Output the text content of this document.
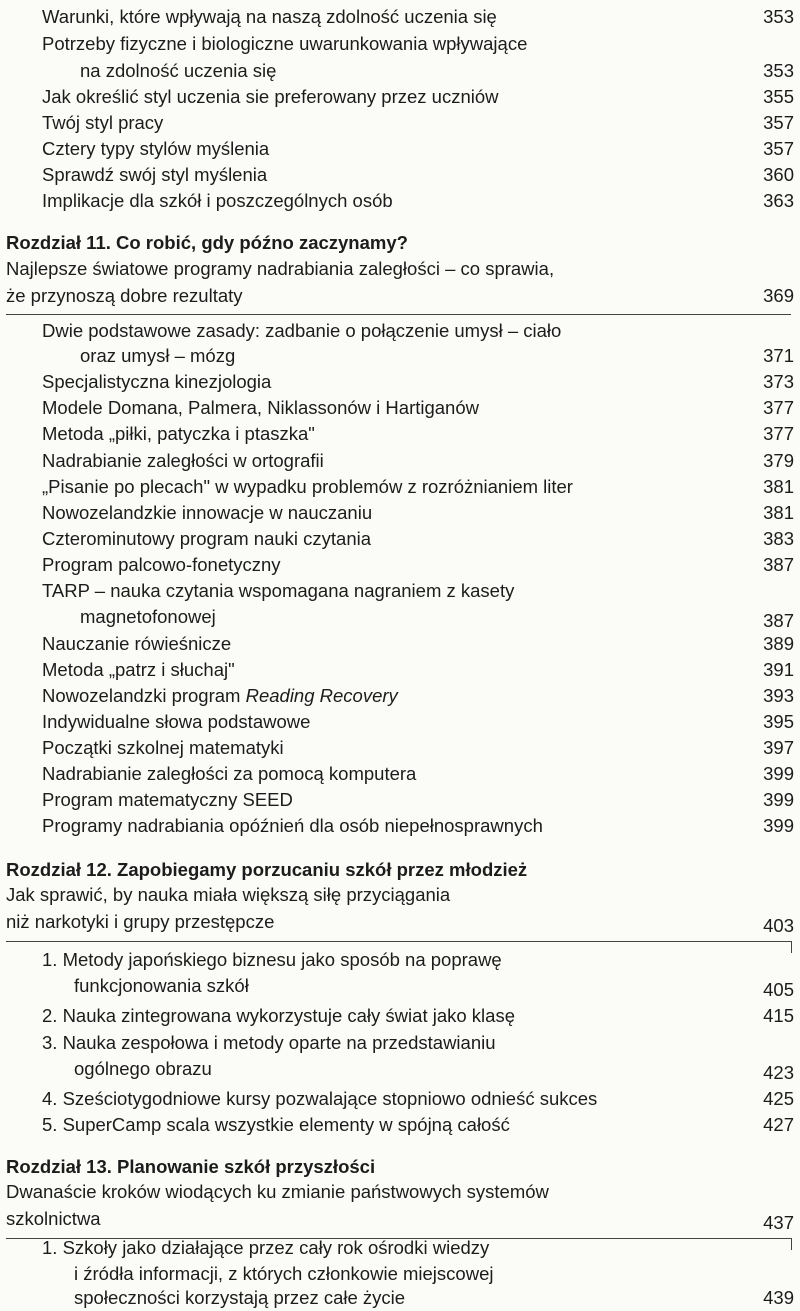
Warunki, które wpływają na naszą zdolność uczenia się	353
Potrzeby fizyczne i biologiczne uwarunkowania wpływające
na zdolność uczenia się	353
Jak określić styl uczenia sie preferowany przez uczniów	355
Twój styl pracy	357
Cztery typy stylów myślenia	357
Sprawdź swój styl myślenia	360
Implikacje dla szkół i poszczególnych osób	363
Rozdział 11. Co robić, gdy późno zaczynamy?
Najlepsze światowe programy nadrabiania zaległości – co sprawia,
że przynoszą dobre rezultaty	369
Dwie podstawowe zasady: zadbanie o połączenie umysł – ciało
oraz umysł – mózg	371
Specjalistyczna kinezjologia	373
Modele Domana, Palmera, Niklassonów i Hartiganów	377
Metoda „piłki, patyczka i ptaszka"	377
Nadrabianie zaległości w ortografii	379
„Pisanie po plecach" w wypadku problemów z rozróżnianiem liter	381
Nowozelandzkie innowacje w nauczaniu	381
Czterominutowy program nauki czytania	383
Program palcowo-fonetyczny	387
TARP – nauka czytania wspomagana nagraniem z kasety
magnetofonowej	387
Nauczanie rówieśnicze	389
Metoda „patrz i słuchaj"	391
Nowozelandzki program Reading Recovery	393
Indywidualne słowa podstawowe	395
Początki szkolnej matematyki	397
Nadrabianie zaległości za pomocą komputera	399
Program matematyczny SEED	399
Programy nadrabiania opóźnień dla osób niepełnosprawnych	399
Rozdział 12. Zapobiegamy porzucaniu szkół przez młodzież
Jak sprawić, by nauka miała większą siłę przyciągania
niż narkotyki i grupy przestępcze	403
1. Metody japońskiego biznesu jako sposób na poprawę
funkcjonowania szkół	405
2. Nauka zintegrowana wykorzystuje cały świat jako klasę	415
3. Nauka zespołowa i metody oparte na przedstawianiu
ogólnego obrazu	423
4. Sześciotygodniowe kursy pozwalające stopniowo odnieść sukces	425
5. SuperCamp scala wszystkie elementy w spójną całość	427
Rozdział 13. Planowanie szkół przyszłości
Dwanaście kroków wiodących ku zmianie państwowych systemów
szkolnictwa	437
1. Szkoły jako działające przez cały rok ośrodki wiedzy
i źródła informacji, z których członkowie miejscowej
społeczności korzystają przez całe życie	439
